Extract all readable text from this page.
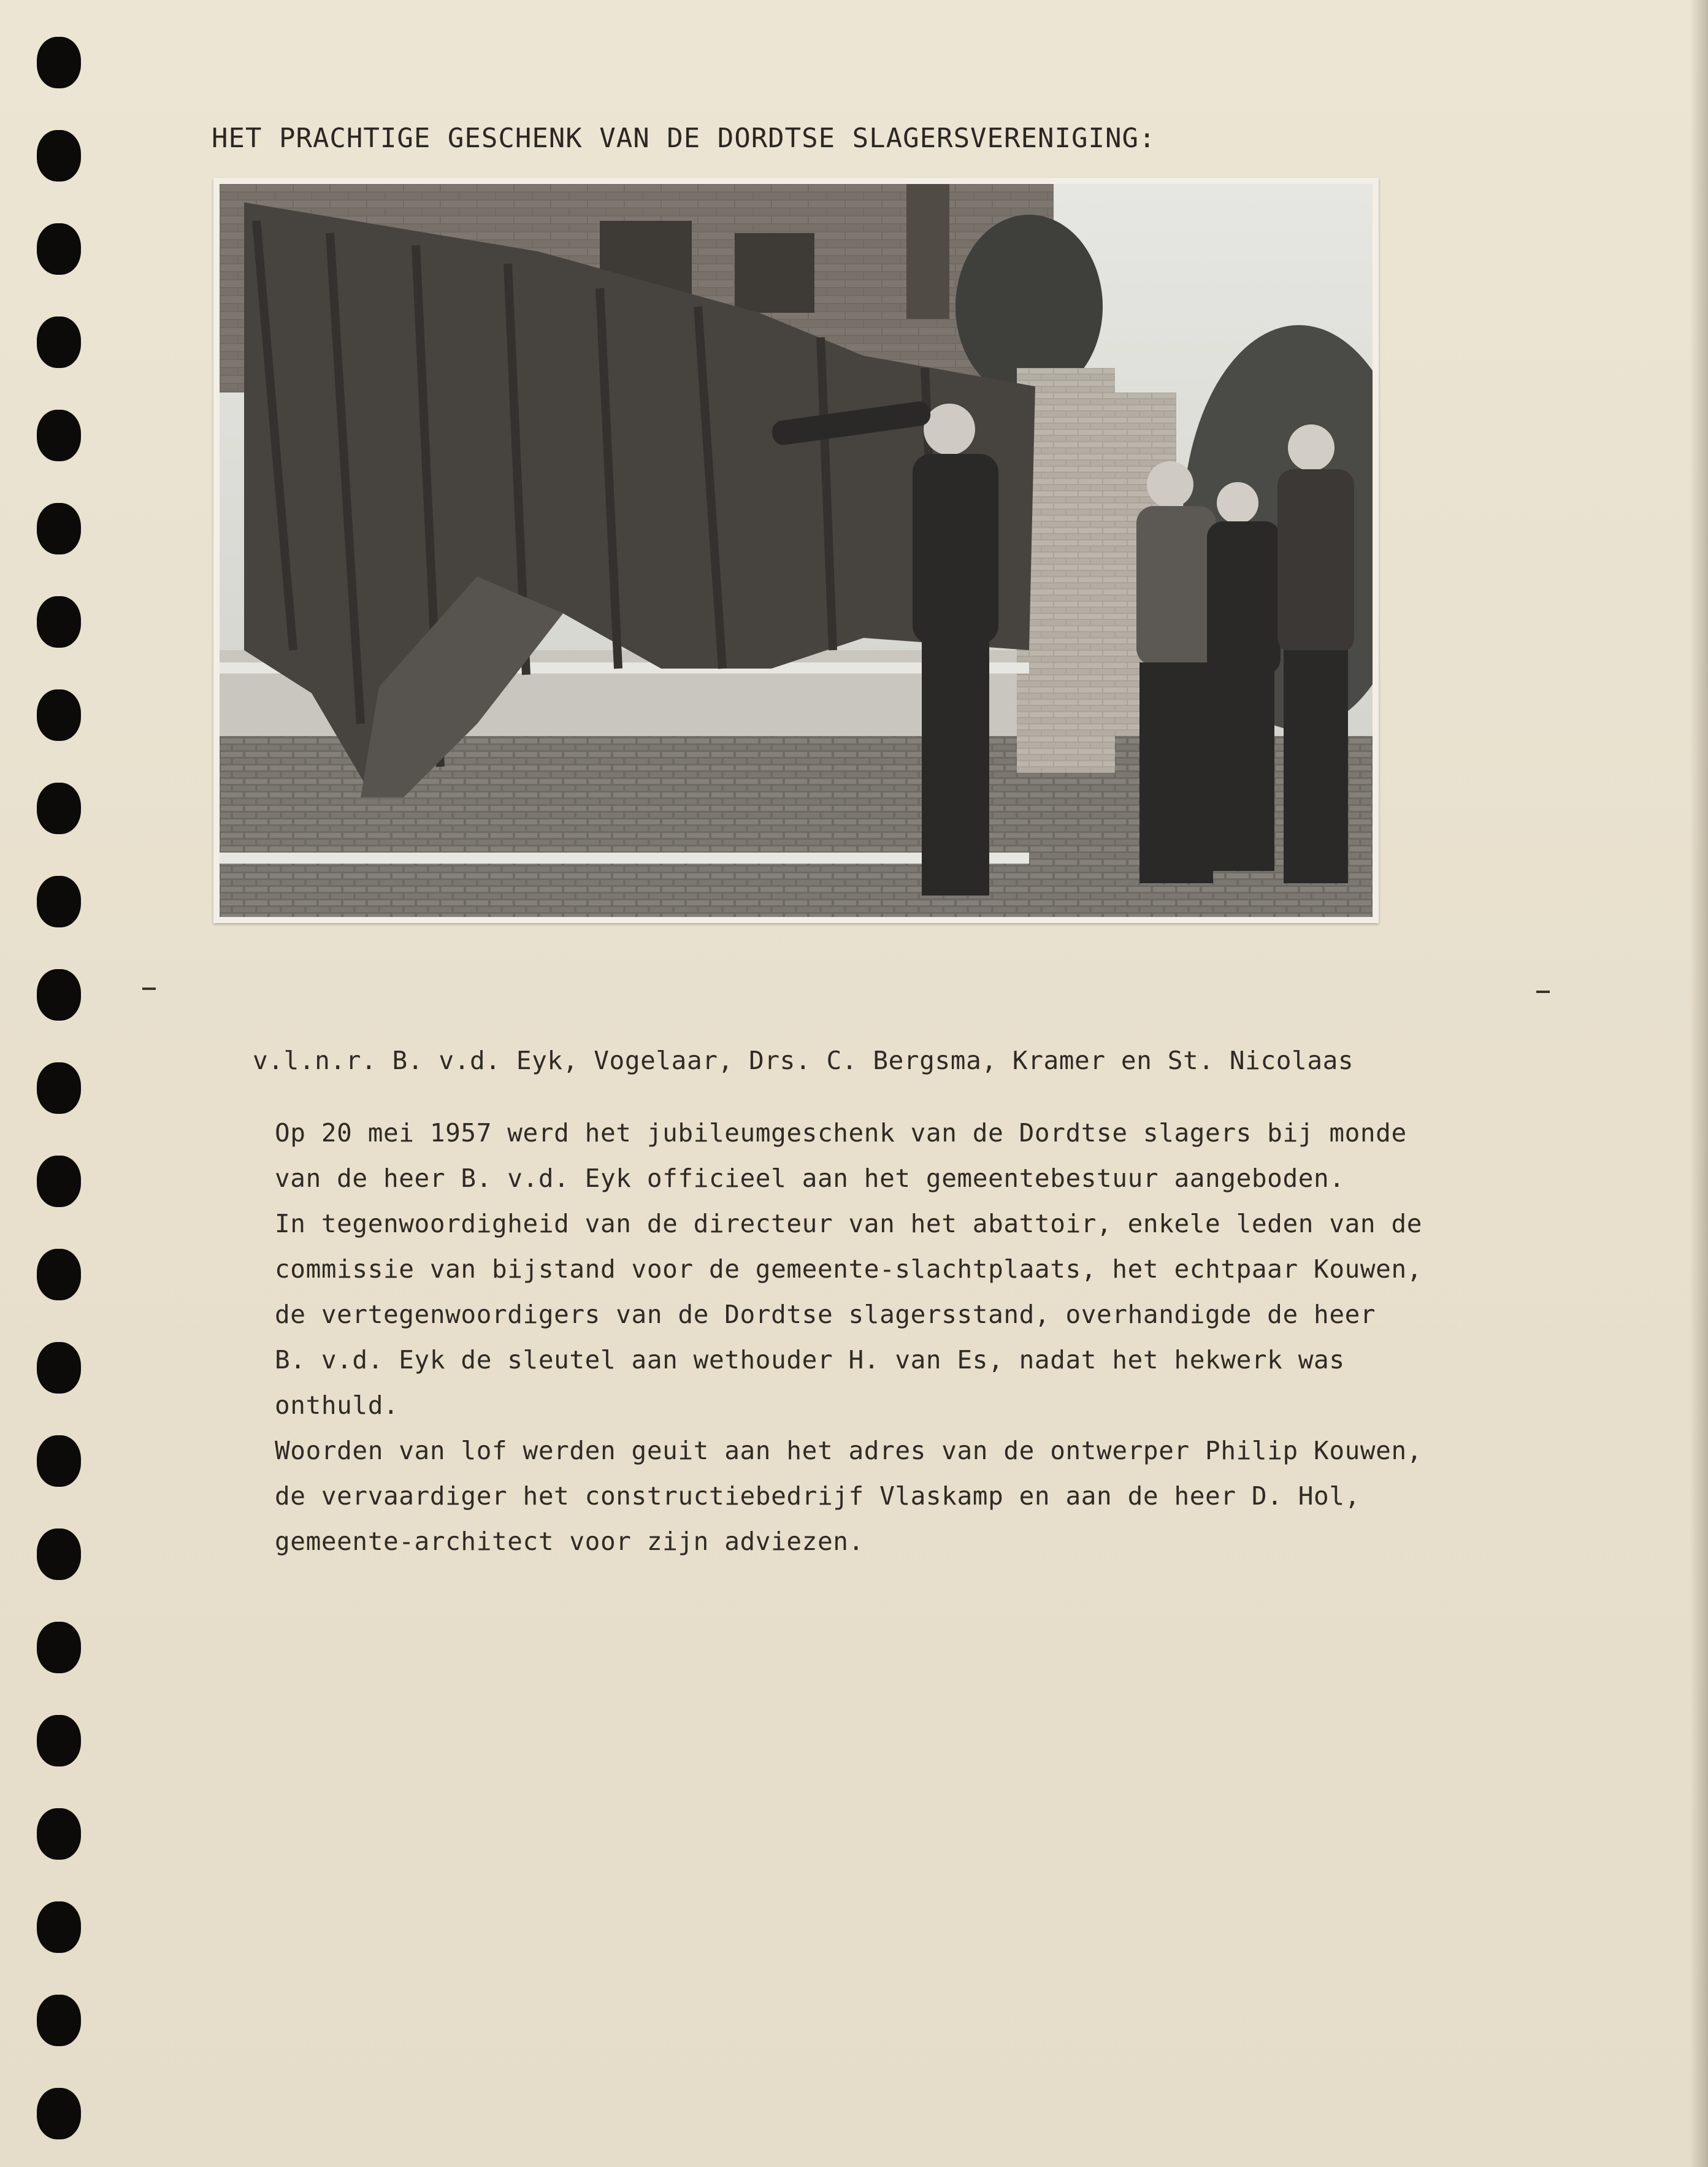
HET PRACHTIGE GESCHENK VAN DE DORDTSE SLAGERSVERENIGING:
v.l.n.r. B. v.d. Eyk, Vogelaar, Drs. C. Bergsma, Kramer en St. Nicolaas
Op 20 mei 1957 werd het jubileumgeschenk van de Dordtse slagers bij monde
van de heer B. v.d. Eyk officieel aan het gemeentebestuur aangeboden.
In tegenwoordigheid van de directeur van het abattoir, enkele leden van de
commissie van bijstand voor de gemeente-slachtplaats, het echtpaar Kouwen,
de vertegenwoordigers van de Dordtse slagersstand, overhandigde de heer
B. v.d. Eyk de sleutel aan wethouder H. van Es, nadat het hekwerk was
onthuld.
Woorden van lof werden geuit aan het adres van de ontwerper Philip Kouwen,
de vervaardiger het constructiebedrijf Vlaskamp en aan de heer D. Hol,
gemeente-architect voor zijn adviezen.
